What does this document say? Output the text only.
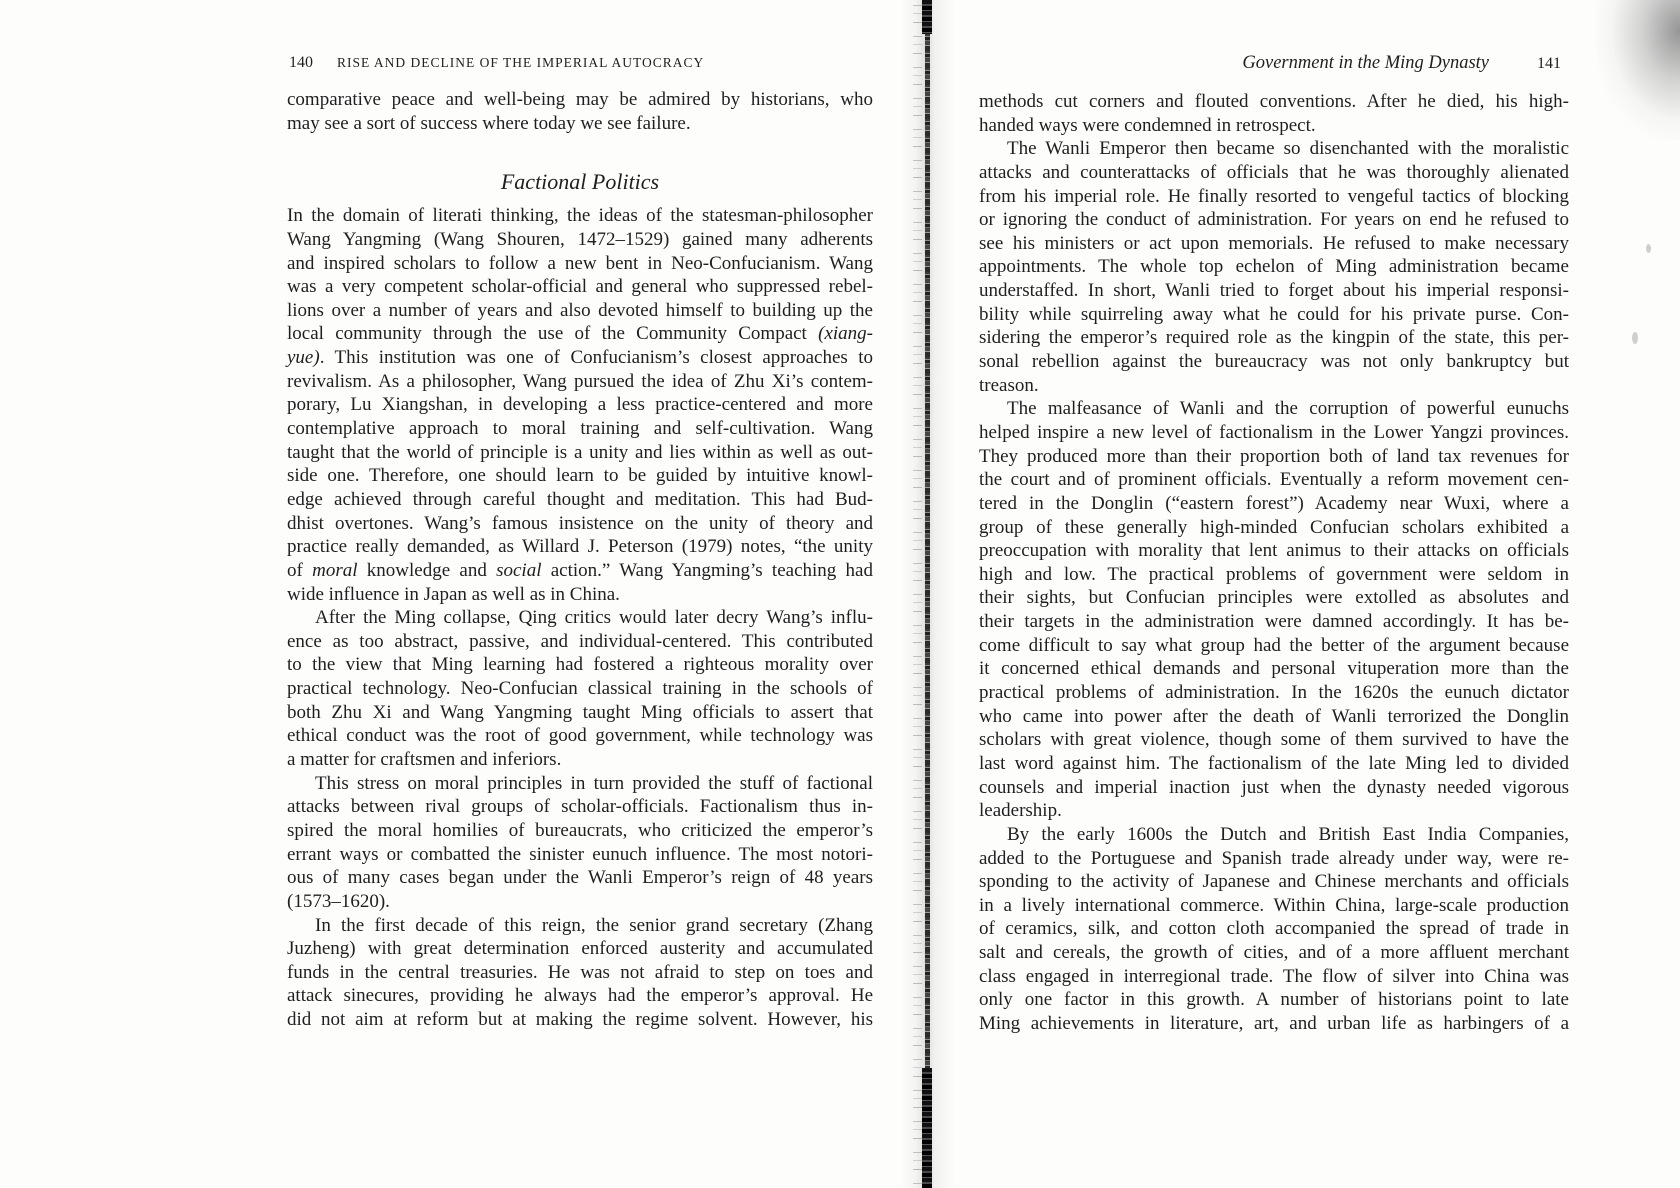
140 RISE AND DECLINE OF THE IMPERIAL AUTOCRACY
comparative peace and well-being may be admired by historians, who
may see a sort of success where today we see failure.
Factional Politics
In the domain of literati thinking, the ideas of the statesman-philosopher
Wang Yangming (Wang Shouren, 1472–1529) gained many adherents
and inspired scholars to follow a new bent in Neo-Confucianism. Wang
was a very competent scholar-official and general who suppressed rebel-
lions over a number of years and also devoted himself to building up the
local community through the use of the Community Compact (xiang-
yue). This institution was one of Confucianism’s closest approaches to
revivalism. As a philosopher, Wang pursued the idea of Zhu Xi’s contem-
porary, Lu Xiangshan, in developing a less practice-centered and more
contemplative approach to moral training and self-cultivation. Wang
taught that the world of principle is a unity and lies within as well as out-
side one. Therefore, one should learn to be guided by intuitive knowl-
edge achieved through careful thought and meditation. This had Bud-
dhist overtones. Wang’s famous insistence on the unity of theory and
practice really demanded, as Willard J. Peterson (1979) notes, “the unity
of moral knowledge and social action.” Wang Yangming’s teaching had
wide influence in Japan as well as in China.
After the Ming collapse, Qing critics would later decry Wang’s influ-
ence as too abstract, passive, and individual-centered. This contributed
to the view that Ming learning had fostered a righteous morality over
practical technology. Neo-Confucian classical training in the schools of
both Zhu Xi and Wang Yangming taught Ming officials to assert that
ethical conduct was the root of good government, while technology was
a matter for craftsmen and inferiors.
This stress on moral principles in turn provided the stuff of factional
attacks between rival groups of scholar-officials. Factionalism thus in-
spired the moral homilies of bureaucrats, who criticized the emperor’s
errant ways or combatted the sinister eunuch influence. The most notori-
ous of many cases began under the Wanli Emperor’s reign of 48 years
(1573–1620).
In the first decade of this reign, the senior grand secretary (Zhang
Juzheng) with great determination enforced austerity and accumulated
funds in the central treasuries. He was not afraid to step on toes and
attack sinecures, providing he always had the emperor’s approval. He
did not aim at reform but at making the regime solvent. However, his
Government in the Ming Dynasty	141
methods cut corners and flouted conventions. After he died, his high-
handed ways were condemned in retrospect.
The Wanli Emperor then became so disenchanted with the moralistic
attacks and counterattacks of officials that he was thoroughly alienated
from his imperial role. He finally resorted to vengeful tactics of blocking
or ignoring the conduct of administration. For years on end he refused to
see his ministers or act upon memorials. He refused to make necessary
appointments. The whole top echelon of Ming administration became
understaffed. In short, Wanli tried to forget about his imperial responsi-
bility while squirreling away what he could for his private purse. Con-
sidering the emperor’s required role as the kingpin of the state, this per-
sonal rebellion against the bureaucracy was not only bankruptcy but
treason.
The malfeasance of Wanli and the corruption of powerful eunuchs
helped inspire a new level of factionalism in the Lower Yangzi provinces.
They produced more than their proportion both of land tax revenues for
the court and of prominent officials. Eventually a reform movement cen-
tered in the Donglin (“eastern forest”) Academy near Wuxi, where a
group of these generally high-minded Confucian scholars exhibited a
preoccupation with morality that lent animus to their attacks on officials
high and low. The practical problems of government were seldom in
their sights, but Confucian principles were extolled as absolutes and
their targets in the administration were damned accordingly. It has be-
come difficult to say what group had the better of the argument because
it concerned ethical demands and personal vituperation more than the
practical problems of administration. In the 1620s the eunuch dictator
who came into power after the death of Wanli terrorized the Donglin
scholars with great violence, though some of them survived to have the
last word against him. The factionalism of the late Ming led to divided
counsels and imperial inaction just when the dynasty needed vigorous
leadership.
By the early 1600s the Dutch and British East India Companies,
added to the Portuguese and Spanish trade already under way, were re-
sponding to the activity of Japanese and Chinese merchants and officials
in a lively international commerce. Within China, large-scale production
of ceramics, silk, and cotton cloth accompanied the spread of trade in
salt and cereals, the growth of cities, and of a more affluent merchant
class engaged in interregional trade. The flow of silver into China was
only one factor in this growth. A number of historians point to late
Ming achievements in literature, art, and urban life as harbingers of a
